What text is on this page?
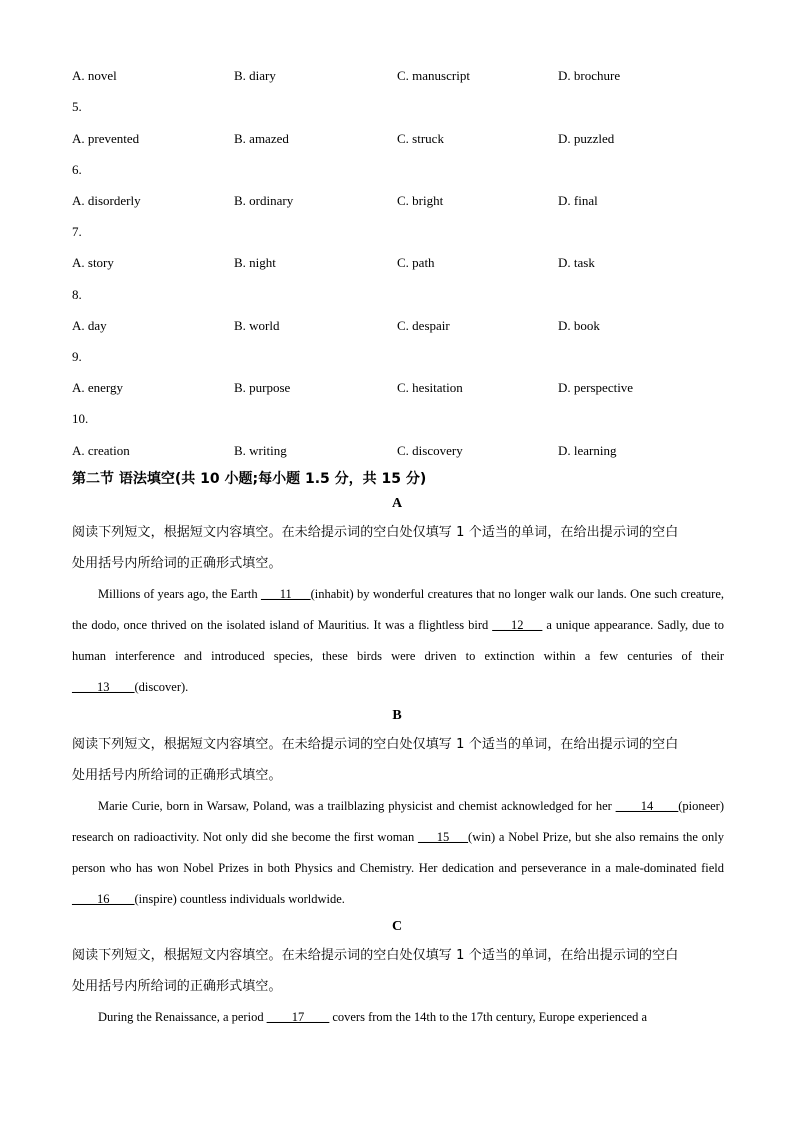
A. novel	B. diary	C. manuscript	D. brochure
5.
A. prevented	B. amazed	C. struck	D. puzzled
6.
A. disorderly	B. ordinary	C. bright	D. final
7.
A. story	B. night	C. path	D. task
8.
A. day	B. world	C. despair	D. book
9.
A. energy	B. purpose	C. hesitation	D. perspective
10.
A. creation	B. writing	C. discovery	D. learning
第二节 语法填空(共 10 小题;每小题 1.5 分，共 15 分)
A
阅读下列短文，根据短文内容填空。在未给提示词的空白处仅填写 1 个适当的单词，在给出提示词的空白
处用括号内所给词的正确形式填空。
Millions of years ago, the Earth ___11___(inhabit) by wonderful creatures that no longer walk our lands. One such creature, the dodo, once thrived on the isolated island of Mauritius. It was a flightless bird ___12___ a unique appearance. Sadly, due to human interference and introduced species, these birds were driven to extinction within a few centuries of their ____13____(discover).
B
阅读下列短文，根据短文内容填空。在未给提示词的空白处仅填写 1 个适当的单词，在给出提示词的空白
处用括号内所给词的正确形式填空。
Marie Curie, born in Warsaw, Poland, was a trailblazing physicist and chemist acknowledged for her ____14____(pioneer) research on radioactivity. Not only did she become the first woman ___15___(win) a Nobel Prize, but she also remains the only person who has won Nobel Prizes in both Physics and Chemistry. Her dedication and perseverance in a male-dominated field ____16____(inspire) countless individuals worldwide.
C
阅读下列短文，根据短文内容填空。在未给提示词的空白处仅填写 1 个适当的单词，在给出提示词的空白
处用括号内所给词的正确形式填空。
During the Renaissance, a period ____17____ covers from the 14th to the 17th century, Europe experienced a
